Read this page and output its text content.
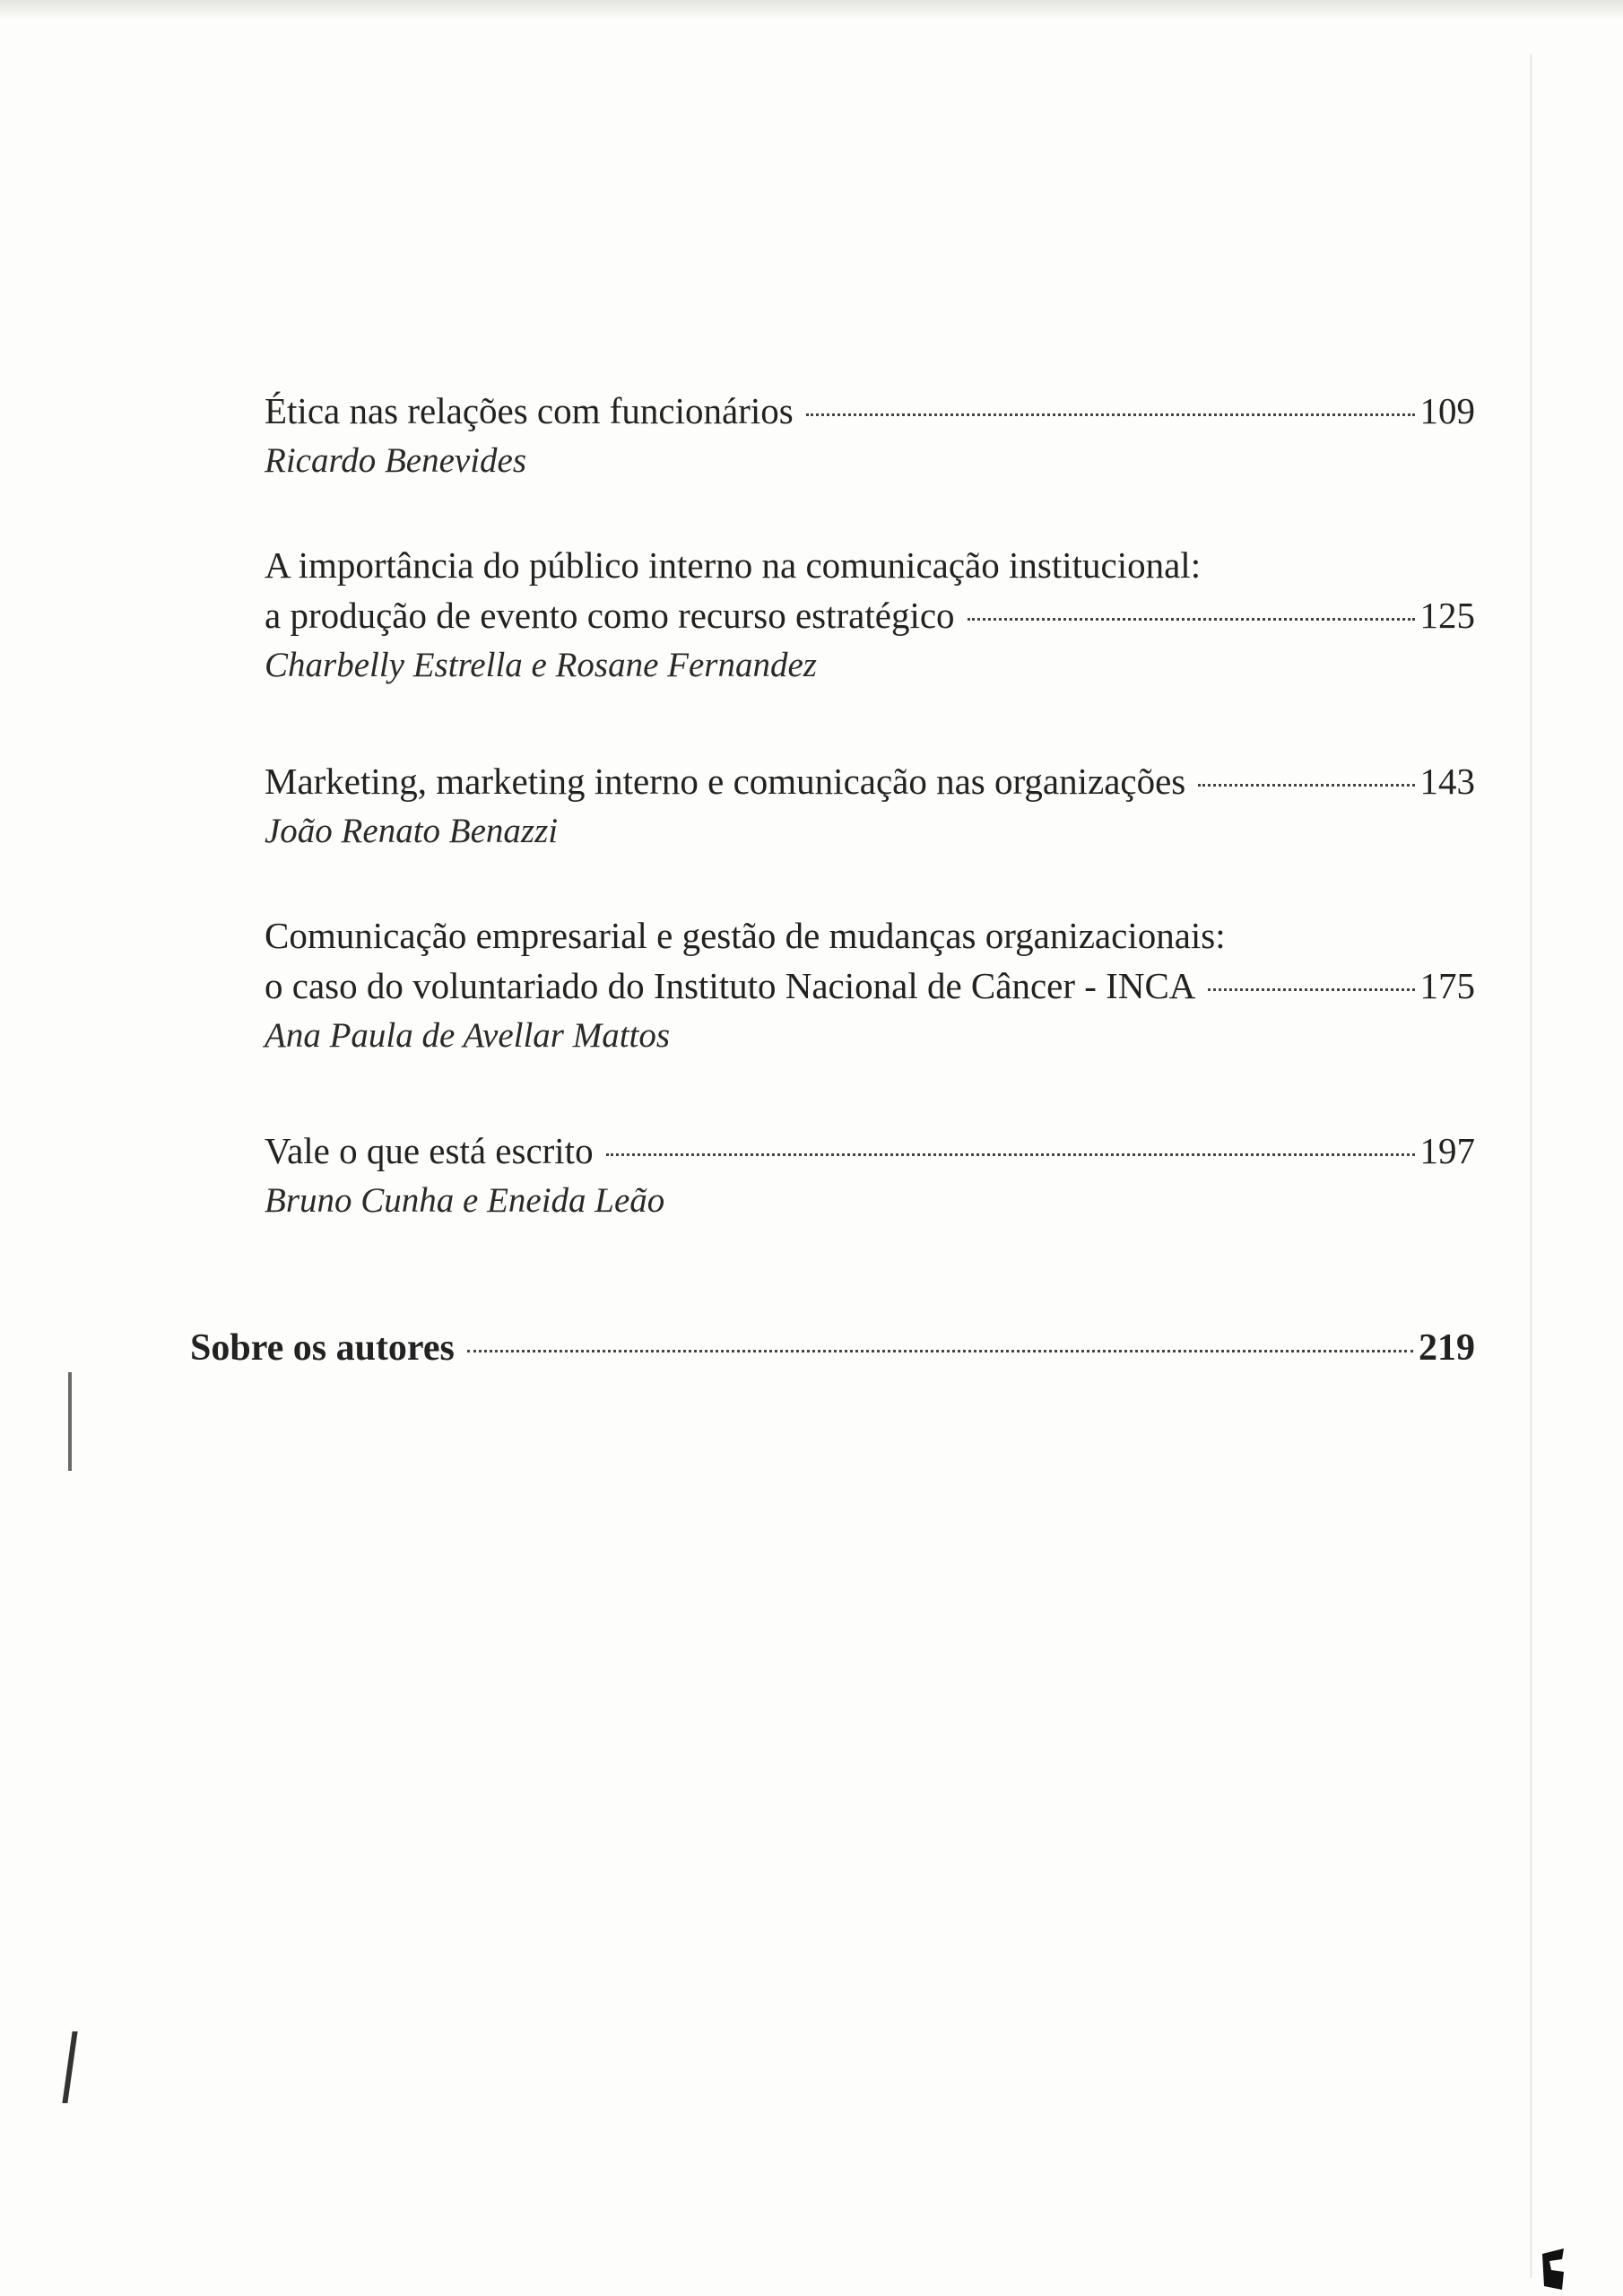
Ética nas relações com funcionários	109
Ricardo Benevides
A importância do público interno na comunicação institucional:
a produção de evento como recurso estratégico	125
Charbelly Estrella e Rosane Fernandez
Marketing, marketing interno e comunicação nas organizações	143
João Renato Benazzi
Comunicação empresarial e gestão de mudanças organizacionais:
o caso do voluntariado do Instituto Nacional de Câncer - INCA	175
Ana Paula de Avellar Mattos
Vale o que está escrito	197
Bruno Cunha e Eneida Leão
Sobre os autores	219
